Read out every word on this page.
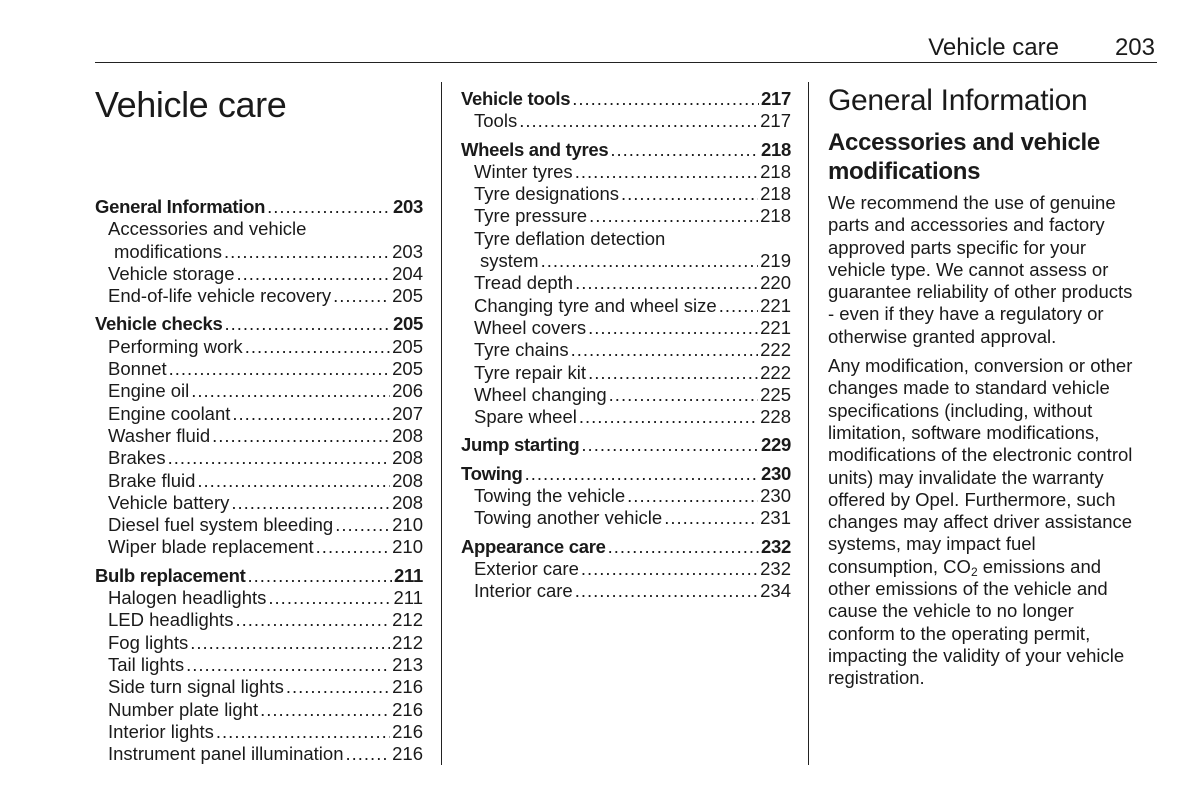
Vehicle care 203
Vehicle care
General Information .....	203
Accessories and vehicle
modifications .....	203
Vehicle storage .....	204
End-of-life vehicle recovery .....	205
Vehicle checks .....	205
Performing work .....	205
Bonnet .....	205
Engine oil .....	206
Engine coolant .....	207
Washer fluid .....	208
Brakes .....	208
Brake fluid .....	208
Vehicle battery .....	208
Diesel fuel system bleeding .....	210
Wiper blade replacement .....	210
Bulb replacement .....	211
Halogen headlights .....	211
LED headlights .....	212
Fog lights .....	212
Tail lights .....	213
Side turn signal lights .....	216
Number plate light .....	216
Interior lights .....	216
Instrument panel illumination .....	216
Vehicle tools .....	217
Tools .....	217
Wheels and tyres .....	218
Winter tyres .....	218
Tyre designations .....	218
Tyre pressure .....	218
Tyre deflation detection
system .....	219
Tread depth .....	220
Changing tyre and wheel size ..... 221
Wheel covers .....	221
Tyre chains .....	222
Tyre repair kit .....	222
Wheel changing .....	225
Spare wheel .....	228
Jump starting .....	229
Towing .....	230
Towing the vehicle .....	230
Towing another vehicle .....	231
Appearance care .....	232
Exterior care .....	232
Interior care .....	234
General Information
Accessories and vehicle
modifications
We recommend the use of genuine
parts and accessories and factory
approved parts specific for your
vehicle type. We cannot assess or
guarantee reliability of other products
- even if they have a regulatory or
otherwise granted approval.
Any modification, conversion or other
changes made to standard vehicle
specifications (including, without
limitation, software modifications,
modifications of the electronic control
units) may invalidate the warranty
offered by Opel. Furthermore, such
changes may affect driver assistance
systems, may impact fuel
consumption, $CO_2$ emissions and
other emissions of the vehicle and
cause the vehicle to no longer
conform to the operating permit,
impacting the validity of your vehicle
registration.
